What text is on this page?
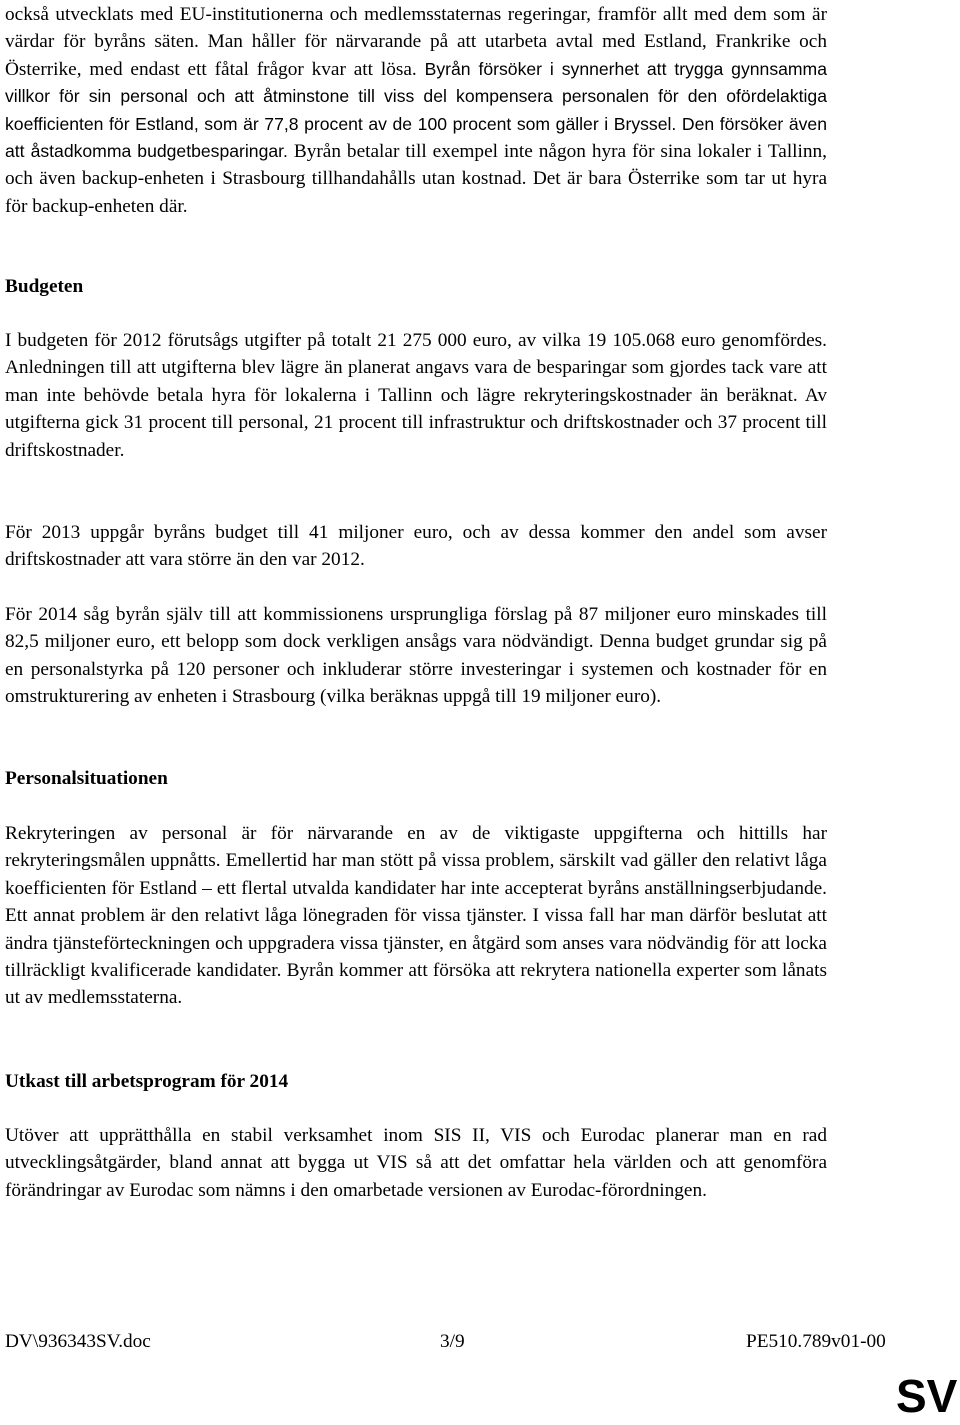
också utvecklats med EU-institutionerna och medlemsstaternas regeringar, framför allt med dem som är värdar för byråns säten. Man håller för närvarande på att utarbeta avtal med Estland, Frankrike och Österrike, med endast ett fåtal frågor kvar att lösa. Byrån försöker i synnerhet att trygga gynnsamma villkor för sin personal och att åtminstone till viss del kompensera personalen för den ofördelaktiga koefficienten för Estland, som är 77,8 procent av de 100 procent som gäller i Bryssel. Den försöker även att åstadkomma budgetbesparingar. Byrån betalar till exempel inte någon hyra för sina lokaler i Tallinn, och även backup-enheten i Strasbourg tillhandahålls utan kostnad. Det är bara Österrike som tar ut hyra för backup-enheten där.

Budgeten

I budgeten för 2012 förutsågs utgifter på totalt 21 275 000 euro, av vilka 19 105.068 euro genomfördes. Anledningen till att utgifterna blev lägre än planerat angavs vara de besparingar som gjordes tack vare att man inte behövde betala hyra för lokalerna i Tallinn och lägre rekryteringskostnader än beräknat. Av utgifterna gick 31 procent till personal, 21 procent till infrastruktur och driftskostnader och 37 procent till driftskostnader.

För 2013 uppgår byråns budget till 41 miljoner euro, och av dessa kommer den andel som avser driftskostnader att vara större än den var 2012.

För 2014 såg byrån själv till att kommissionens ursprungliga förslag på 87 miljoner euro minskades till 82,5 miljoner euro, ett belopp som dock verkligen ansågs vara nödvändigt. Denna budget grundar sig på en personalstyrka på 120 personer och inkluderar större investeringar i systemen och kostnader för en omstrukturering av enheten i Strasbourg (vilka beräknas uppgå till 19 miljoner euro).

Personalsituationen

Rekryteringen av personal är för närvarande en av de viktigaste uppgifterna och hittills har rekryteringsmålen uppnåtts. Emellertid har man stött på vissa problem, särskilt vad gäller den relativt låga koefficienten för Estland – ett flertal utvalda kandidater har inte accepterat byråns anställningserbjudande. Ett annat problem är den relativt låga lönegraden för vissa tjänster. I vissa fall har man därför beslutat att ändra tjänsteförteckningen och uppgradera vissa tjänster, en åtgärd som anses vara nödvändig för att locka tillräckligt kvalificerade kandidater. Byrån kommer att försöka att rekrytera nationella experter som lånats ut av medlemsstaterna.

Utkast till arbetsprogram för 2014

Utöver att upprätthålla en stabil verksamhet inom SIS II, VIS och Eurodac planerar man en rad utvecklingsåtgärder, bland annat att bygga ut VIS så att det omfattar hela världen och att genomföra förändringar av Eurodac som nämns i den omarbetade versionen av Eurodac-förordningen.

DV\936343SV.doc	3/9	PE510.789v01-00
SV
